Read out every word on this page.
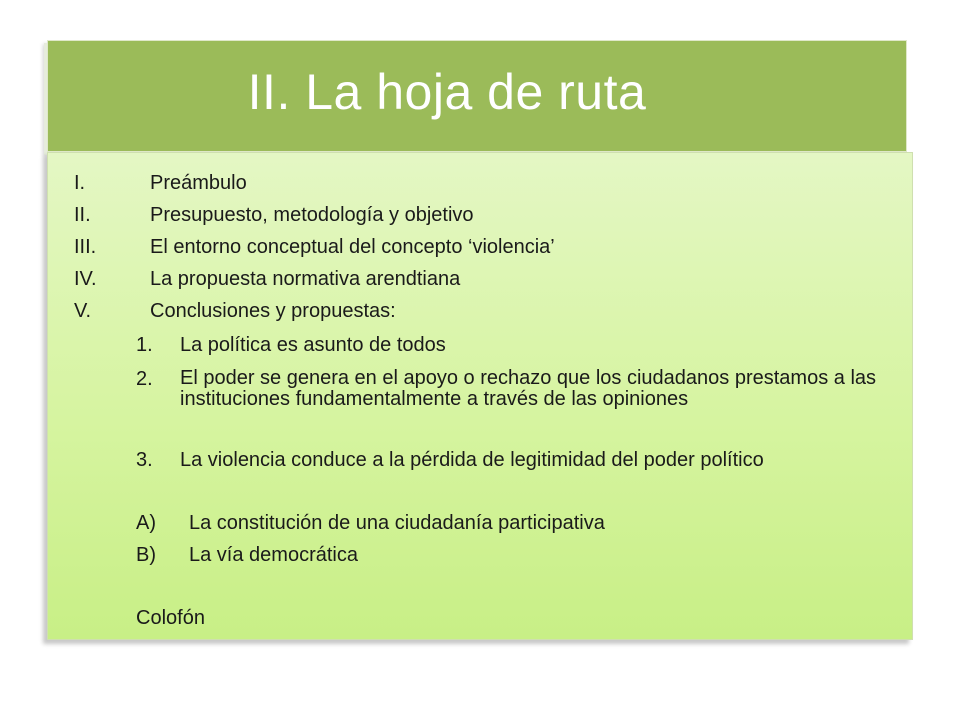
II. La hoja de ruta
I.	Preámbulo
II.	Presupuesto, metodología y objetivo
III.	El entorno conceptual del concepto ‘violencia’
IV.	La propuesta normativa arendtiana
V.	Conclusiones y propuestas:
1. La política es asunto de todos
2. El poder se genera en el apoyo o rechazo que los ciudadanos prestamos a las instituciones fundamentalmente a través de las opiniones
3. La violencia conduce a la pérdida de legitimidad del poder político
A) La constitución de una ciudadanía participativa
B) La vía democrática
Colofón
